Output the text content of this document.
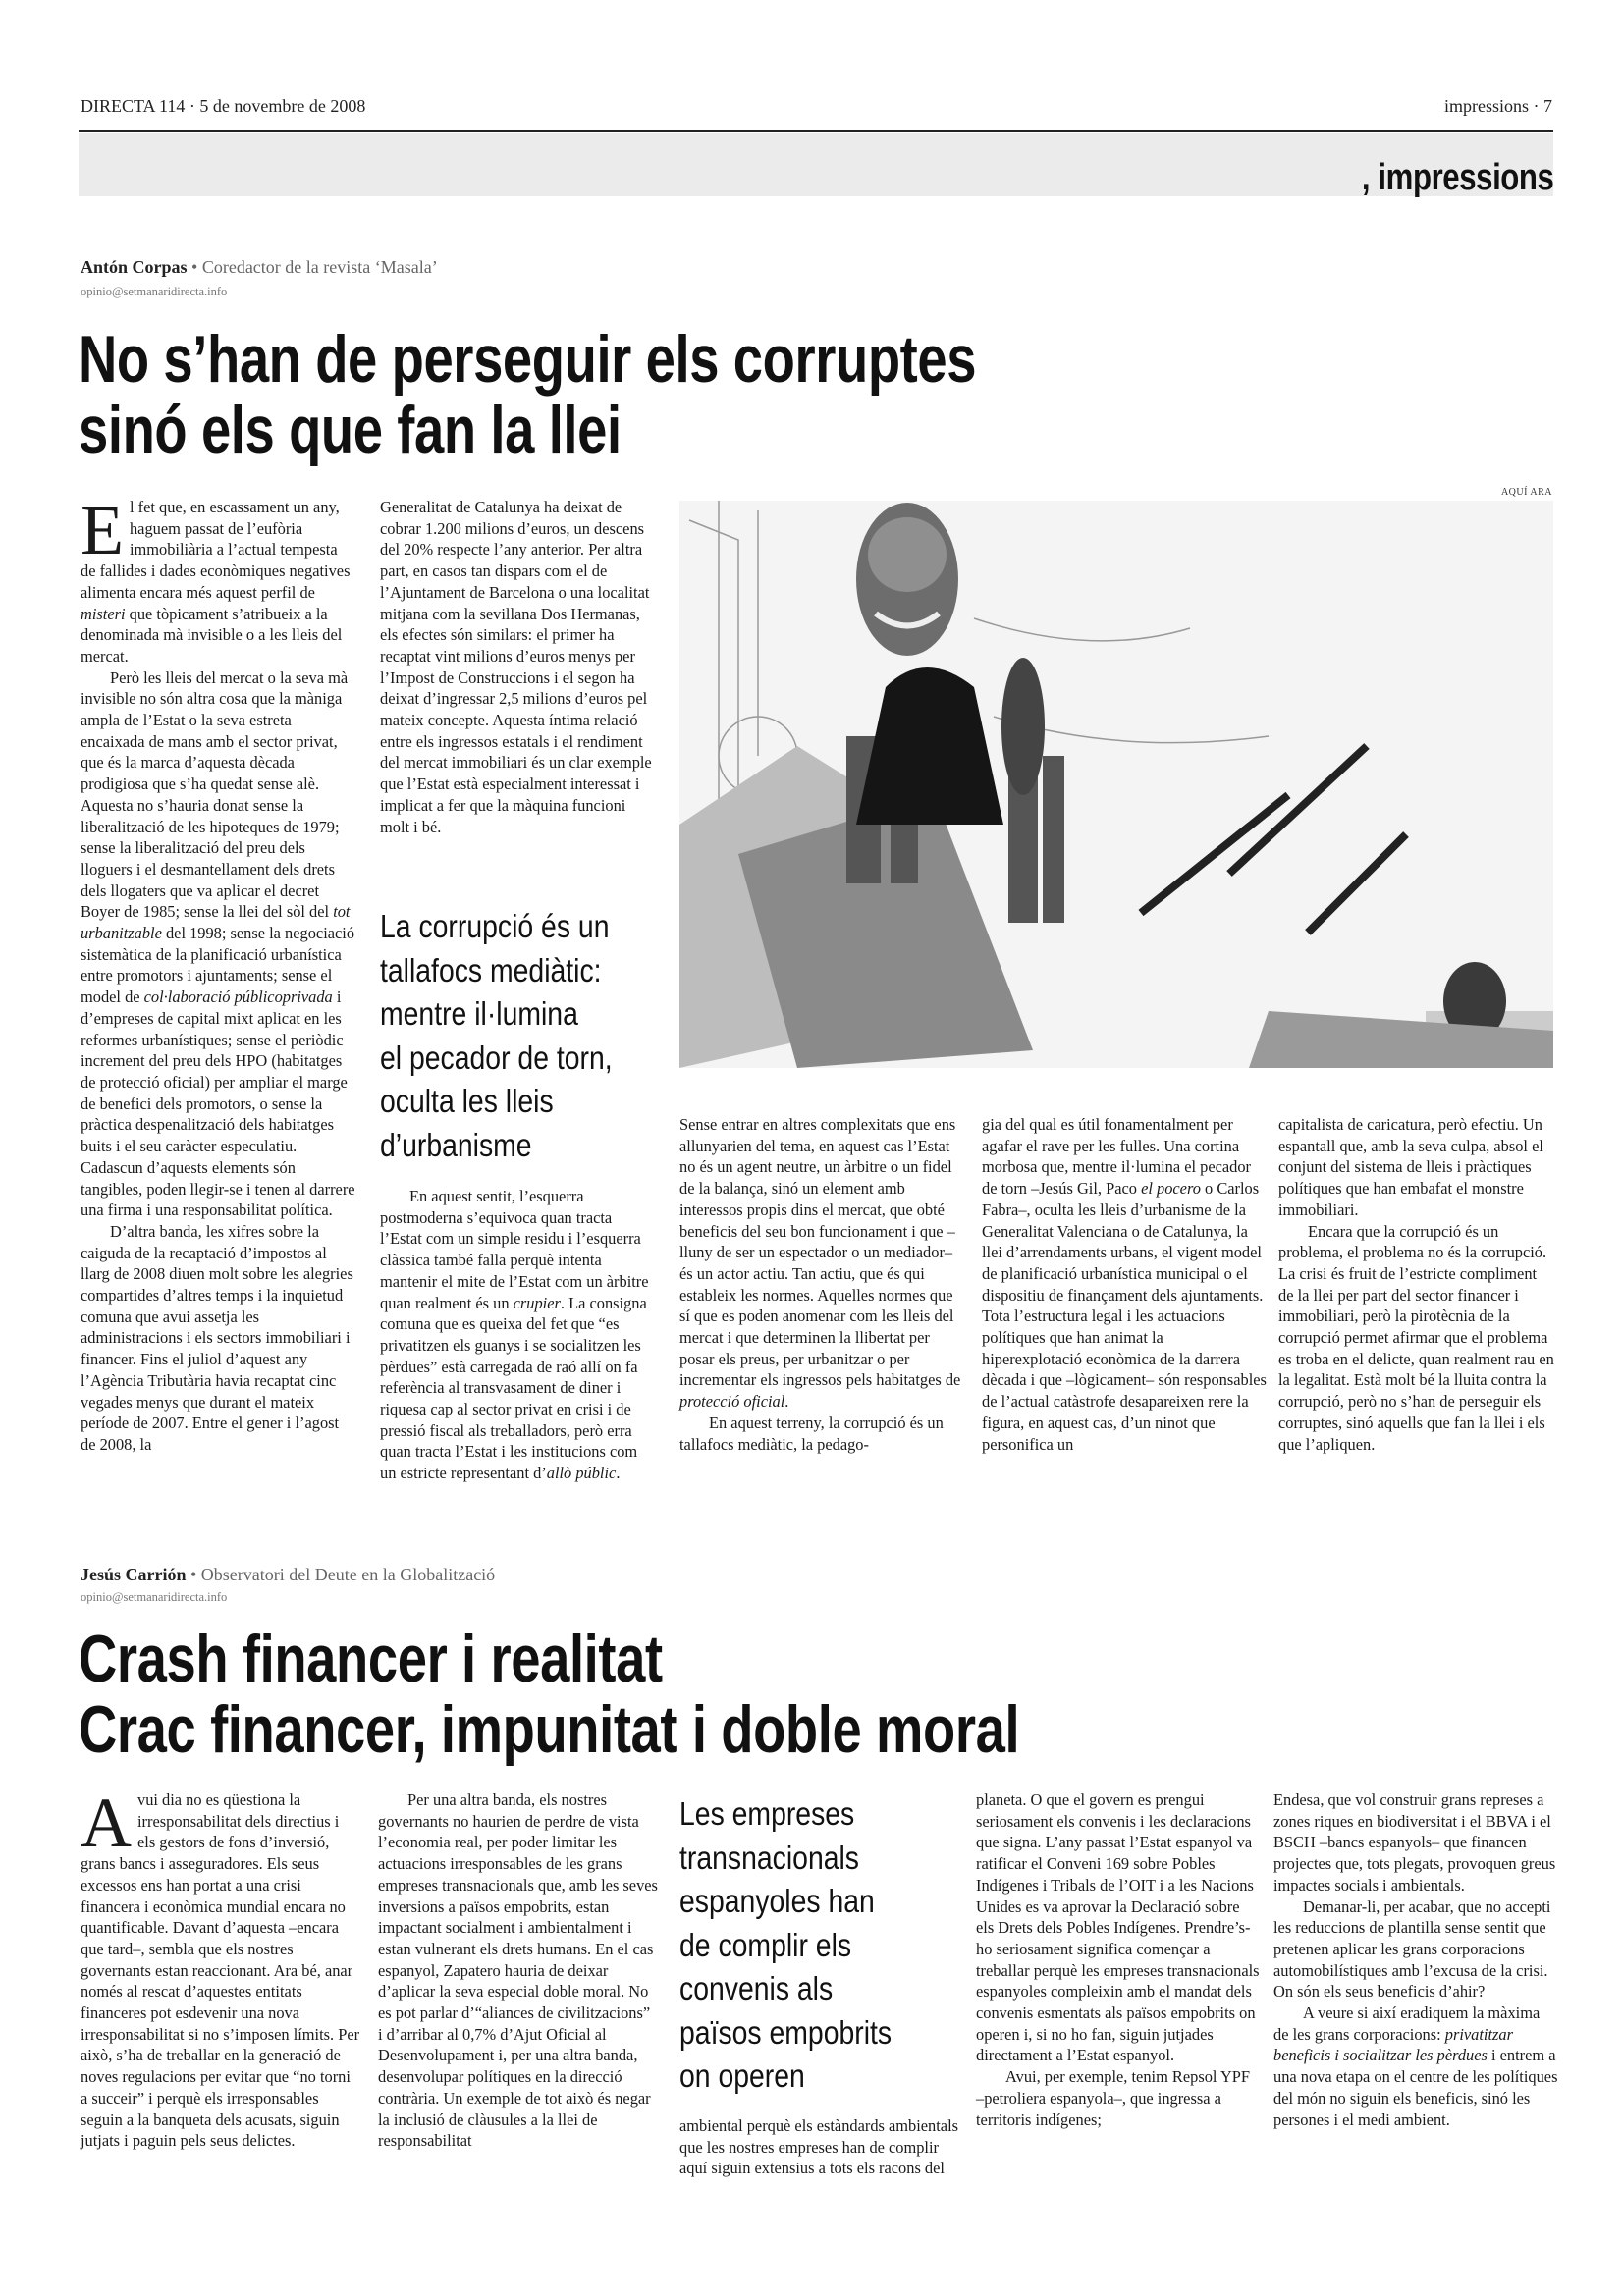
DIRECTA 114 · 5 de novembre de 2008	impressions · 7
, impressions
Antón Corpas • Coredactor de la revista ‘Masala’
opinio@setmanaridirecta.info
No s’han de perseguir els corruptes
sinó els que fan la llei

El fet que, en escassament un any, haguem passat de l’eufòria immobiliària a l’actual tempesta de fallides i dades econòmiques negatives alimenta encara més aquest perfil de misteri que tòpicament s’atribueix a la denominada mà invisible o a les lleis del mercat.

Però les lleis del mercat o la seva mà invisible no són altra cosa que la màniga ampla de l’Estat o la seva estreta encaixada de mans amb el sector privat, que és la marca d’aquesta dècada prodigiosa que s’ha quedat sense alè. Aquesta no s’hauria donat sense la liberalització de les hipoteques de 1979; sense la liberalització del preu dels lloguers i el desmantellament dels drets dels llogaters que va aplicar el decret Boyer de 1985; sense la llei del sòl del tot urbanitzable del 1998; sense la negociació sistemàtica de la planificació urbanística entre promotors i ajuntaments; sense el model de col·laboració públicoprivada i d’empreses de capital mixt aplicat en les reformes urbanístiques; sense el periòdic increment del preu dels HPO (habitatges de protecció oficial) per ampliar el marge de benefici dels promotors, o sense la pràctica despenalització dels habitatges buits i el seu caràcter especulatiu. Cadascun d’aquests elements són tangibles, poden llegir-se i tenen al darrere una firma i una responsabilitat política.

D’altra banda, les xifres sobre la caiguda de la recaptació d’impostos al llarg de 2008 diuen molt sobre les alegries compartides d’altres temps i la inquietud comuna que avui assetja les administracions i els sectors immobiliari i financer. Fins el juliol d’aquest any l’Agència Tributària havia recaptat cinc vegades menys que durant el mateix període de 2007. Entre el gener i l’agost de 2008, la

Generalitat de Catalunya ha deixat de cobrar 1.200 milions d’euros, un descens del 20% respecte l’any anterior. Per altra part, en casos tan dispars com el de l’Ajuntament de Barcelona o una localitat mitjana com la sevillana Dos Hermanas, els efectes són similars: el primer ha recaptat vint milions d’euros menys per l’Impost de Construccions i el segon ha deixat d’ingressar 2,5 milions d’euros pel mateix concepte. Aquesta íntima relació entre els ingressos estatals i el rendiment del mercat immobiliari és un clar exemple que l’Estat està especialment interessat i implicat a fer que la màquina funcioni molt i bé.

La corrupció és un
tallafocs mediàtic:
mentre il·lumina
el pecador de torn,
oculta les lleis
d’urbanisme

En aquest sentit, l’esquerra postmoderna s’equivoca quan tracta l’Estat com un simple residu i l’esquerra clàssica també falla perquè intenta mantenir el mite de l’Estat com un àrbitre quan realment és un crupier. La consigna comuna que es queixa del fet que “es privatitzen els guanys i se socialitzen les pèrdues” està carregada de raó allí on fa referència al transvasament de diner i riquesa cap al sector privat en crisi i de pressió fiscal als treballadors, però erra quan tracta l’Estat i les institucions com un estricte representant d’allò públic.

AQUÍ ARA

Sense entrar en altres complexitats que ens allunyarien del tema, en aquest cas l’Estat no és un agent neutre, un àrbitre o un fidel de la balança, sinó un element amb interessos propis dins el mercat, que obté beneficis del seu bon funcionament i que –lluny de ser un espectador o un mediador– és un actor actiu. Tan actiu, que és qui estableix les normes. Aquelles normes que sí que es poden anomenar com les lleis del mercat i que determinen la llibertat per posar els preus, per urbanitzar o per incrementar els ingressos pels habitatges de protecció oficial.

En aquest terreny, la corrupció és un tallafocs mediàtic, la pedago-

gia del qual es útil fonamentalment per agafar el rave per les fulles. Una cortina morbosa que, mentre il·lumina el pecador de torn –Jesús Gil, Paco el pocero o Carlos Fabra–, oculta les lleis d’urbanisme de la Generalitat Valenciana o de Catalunya, la llei d’arrendaments urbans, el vigent model de planificació urbanística municipal o el dispositiu de finançament dels ajuntaments. Tota l’estructura legal i les actuacions polítiques que han animat la hiperexplotació econòmica de la darrera dècada i que –lògicament– són responsables de l’actual catàstrofe desapareixen rere la figura, en aquest cas, d’un ninot que personifica un

capitalista de caricatura, però efectiu. Un espantall que, amb la seva culpa, absol el conjunt del sistema de lleis i pràctiques polítiques que han embafat el monstre immobiliari.

Encara que la corrupció és un problema, el problema no és la corrupció. La crisi és fruit de l’estricte compliment de la llei per part del sector financer i immobiliari, però la pirotècnia de la corrupció permet afirmar que el problema es troba en el delicte, quan realment rau en la legalitat. Està molt bé la lluita contra la corrupció, però no s’han de perseguir els corruptes, sinó aquells que fan la llei i els que l’apliquen.

Jesús Carrión • Observatori del Deute en la Globalització
opinio@setmanaridirecta.info
Crash financer i realitat
Crac financer, impunitat i doble moral

Avui dia no es qüestiona la irresponsabilitat dels directius i els gestors de fons d’inversió, grans bancs i asseguradores. Els seus excessos ens han portat a una crisi financera i econòmica mundial encara no quantificable. Davant d’aquesta –encara que tard–, sembla que els nostres governants estan reaccionant. Ara bé, anar només al rescat d’aquestes entitats financeres pot esdevenir una nova irresponsabilitat si no s’imposen límits. Per això, s’ha de treballar en la generació de noves regulacions per evitar que “no torni a succeir” i perquè els irresponsables seguin a la banqueta dels acusats, siguin jutjats i paguin pels seus delictes.

Per una altra banda, els nostres governants no haurien de perdre de vista l’economia real, per poder limitar les actuacions irresponsables de les grans empreses transnacionals que, amb les seves inversions a països empobrits, estan impactant socialment i ambientalment i estan vulnerant els drets humans. En el cas espanyol, Zapatero hauria de deixar d’aplicar la seva especial doble moral. No es pot parlar d’“aliances de civilitzacions” i d’arribar al 0,7% d’Ajut Oficial al Desenvolupament i, per una altra banda, desenvolupar polítiques en la direcció contrària. Un exemple de tot això és negar la inclusió de clàusules a la llei de responsabilitat

Les empreses
transnacionals
espanyoles han
de complir els
convenis als
països empobrits
on operen

ambiental perquè els estàndards ambientals que les nostres empreses han de complir aquí siguin extensius a tots els racons del

planeta. O que el govern es prengui seriosament els convenis i les declaracions que signa. L’any passat l’Estat espanyol va ratificar el Conveni 169 sobre Pobles Indígenes i Tribals de l’OIT i a les Nacions Unides es va aprovar la Declaració sobre els Drets dels Pobles Indígenes. Prendre’s-ho seriosament significa començar a treballar perquè les empreses transnacionals espanyoles compleixin amb el mandat dels convenis esmentats als països empobrits on operen i, si no ho fan, siguin jutjades directament a l’Estat espanyol.

Avui, per exemple, tenim Repsol YPF –petroliera espanyola–, que ingressa a territoris indígenes;

Endesa, que vol construir grans represes a zones riques en biodiversitat i el BBVA i el BSCH –bancs espanyols– que financen projectes que, tots plegats, provoquen greus impactes socials i ambientals.

Demanar-li, per acabar, que no accepti les reduccions de plantilla sense sentit que pretenen aplicar les grans corporacions automobilístiques amb l’excusa de la crisi. On són els seus beneficis d’ahir?

A veure si així eradiquem la màxima de les grans corporacions: privatitzar beneficis i socialitzar les pèrdues i entrem a una nova etapa on el centre de les polítiques del món no siguin els beneficis, sinó les persones i el medi ambient.
